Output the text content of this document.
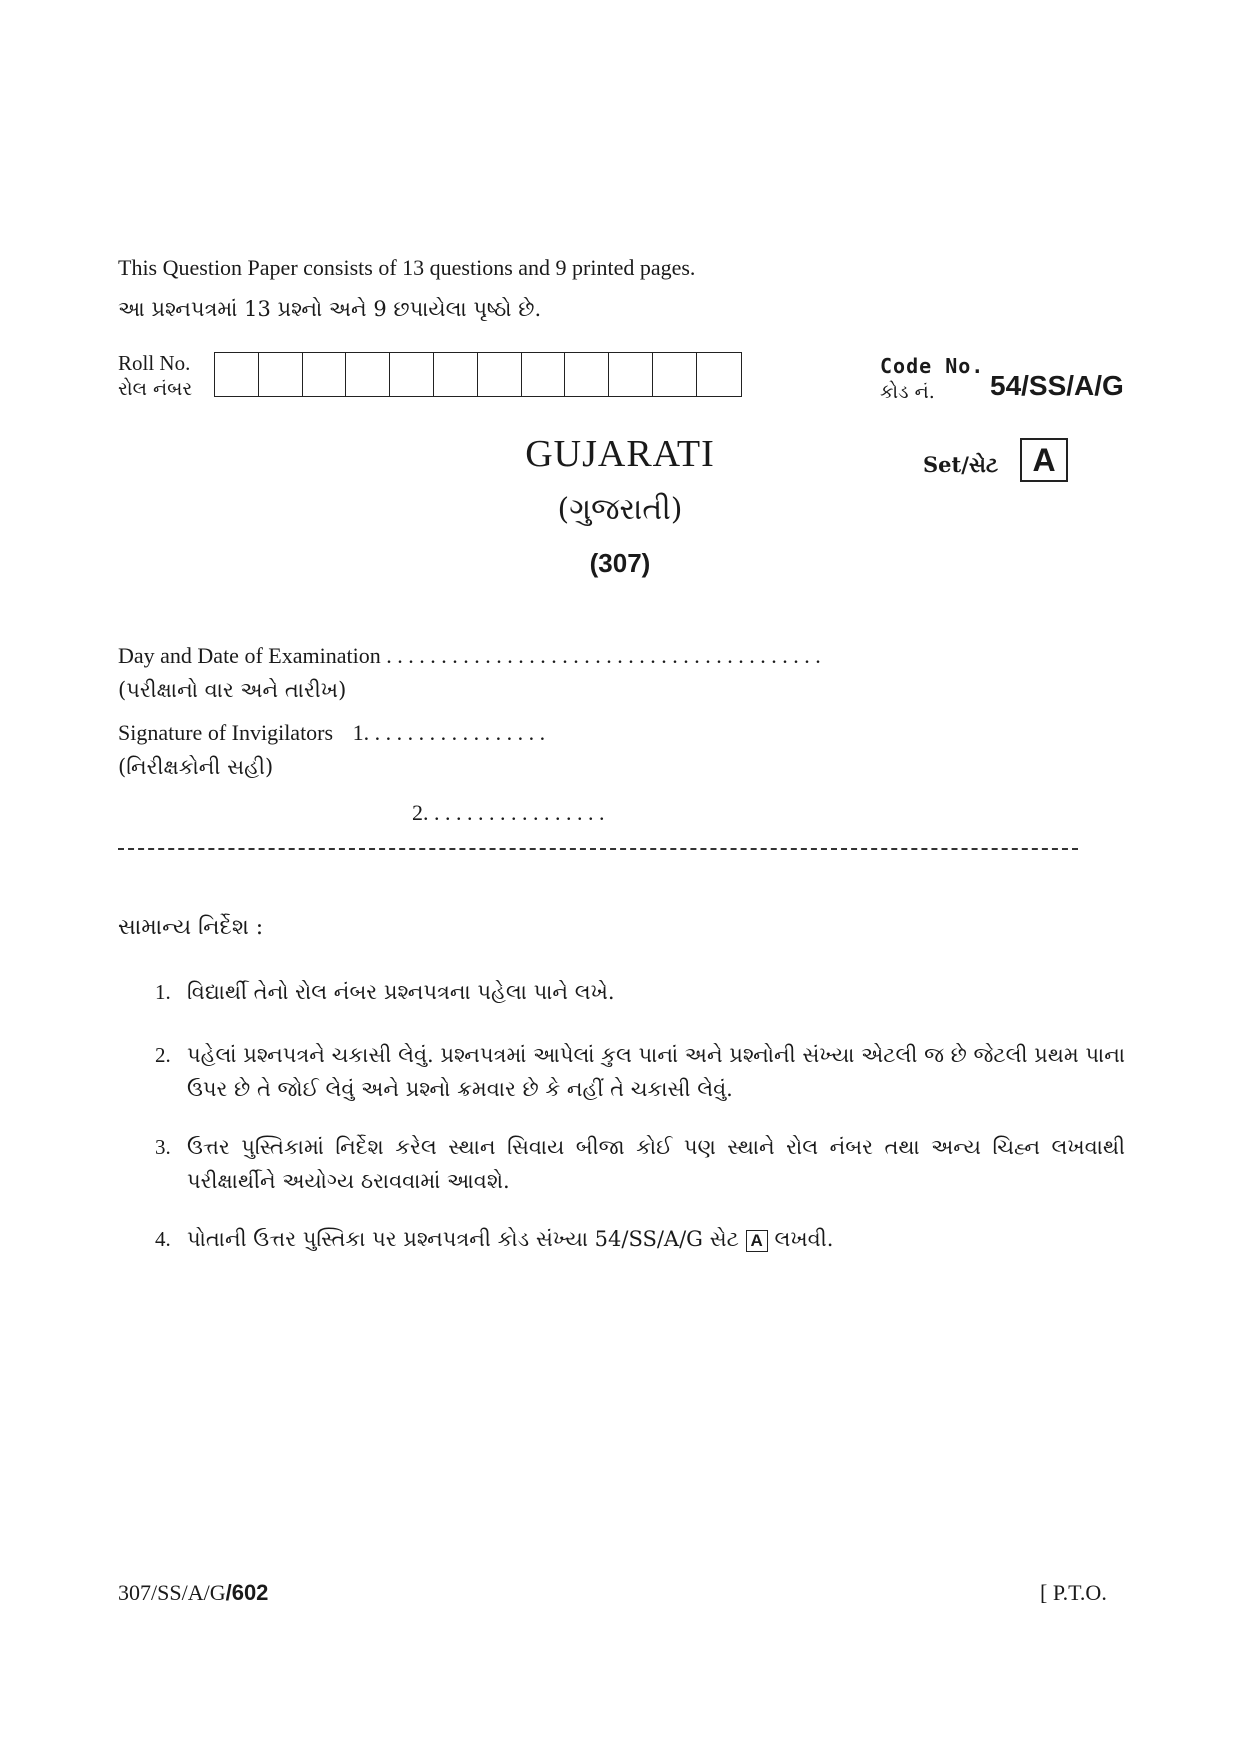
This Question Paper consists of 13 questions and 9 printed pages.
આ પ્રશ્નપત્રમાં 13 પ્રશ્નો અને 9 છપાયેલા પૃષ્ઠો છે.
Roll No.
રોલ નંબર
Code No.
કોડ નં.	54/SS/A/G
Set/સેટ	A
GUJARATI
(ગુજરાતી)
(307)
Day and Date of Examination . . . . . . . . . . . . . . . . . . . . . . . . . . . . . . . . . . . . . . . .
(પરીક્ષાનો વાર અને તારીખ)
Signature of Invigilators 1. . . . . . . . . . . . . . . . .
(નિરીક્ષકોની સહી)
2. . . . . . . . . . . . . . . . .
સામાન્ય નિર્દેશ :
1. વિદ્યાર્થી તેનો રોલ નંબર પ્રશ્નપત્રના પહેલા પાને લખે.
2. પહેલાં પ્રશ્નપત્રને ચકાસી લેવું. પ્રશ્નપત્રમાં આપેલાં કુલ પાનાં અને પ્રશ્નોની સંખ્યા એટલી જ છે જેટલી પ્રથમ પાના ઉપર છે તે જોઈ લેવું અને પ્રશ્નો ક્રમવાર છે કે નહીં તે ચકાસી લેવું.
3. ઉત્તર પુસ્તિકામાં નિર્દેશ કરેલ સ્થાન સિવાય બીજા કોઈ પણ સ્થાને રોલ નંબર તથા અન્ય ચિહ્ન લખવાથી પરીક્ષાર્થીને અયોગ્ય ઠરાવવામાં આવશે.
4. પોતાની ઉત્તર પુસ્તિકા પર પ્રશ્નપત્રની કોડ સંખ્યા 54/SS/A/G સેટ A લખવી.
307/SS/A/G/602	[ P.T.O.
